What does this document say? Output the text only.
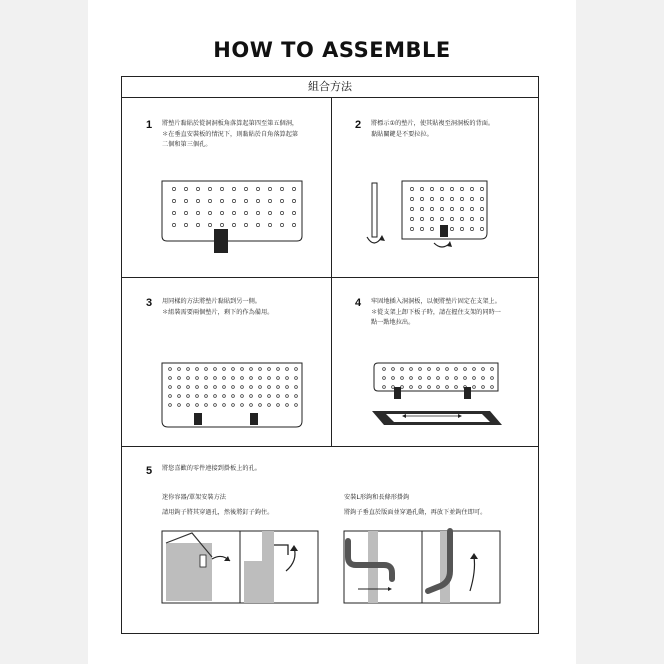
HOW TO ASSEMBLE
組合方法
1 將墊片黏貼於從洞洞板角落算起第四至第五個洞，
＊在垂直安裝板的情況下，則黏貼於自角落算起第
二個和第三個孔。
2 將標示①的墊片，使其貼複至洞洞板的背面。
黏貼關鍵是不要拉拉。
3 用同樣的方法將墊片黏貼到另一側。
＊組裝需要兩個墊片，剩下的作為備用。
4 牢固地插入洞洞板，以便將墊片固定在支架上。
＊從支架上卸下板子時，請在握住支架的同時一
點一點地拉出。
5 將您喜歡的零件連接到掛板上的孔。
迷你容器/單架安裝方法
請用鉤子將其穿過孔，然後將釘子鉤住。
安裝L形鉤和長條形掛鉤
將鉤子垂直於版面並穿過孔動，再放下並鉤住即可。
